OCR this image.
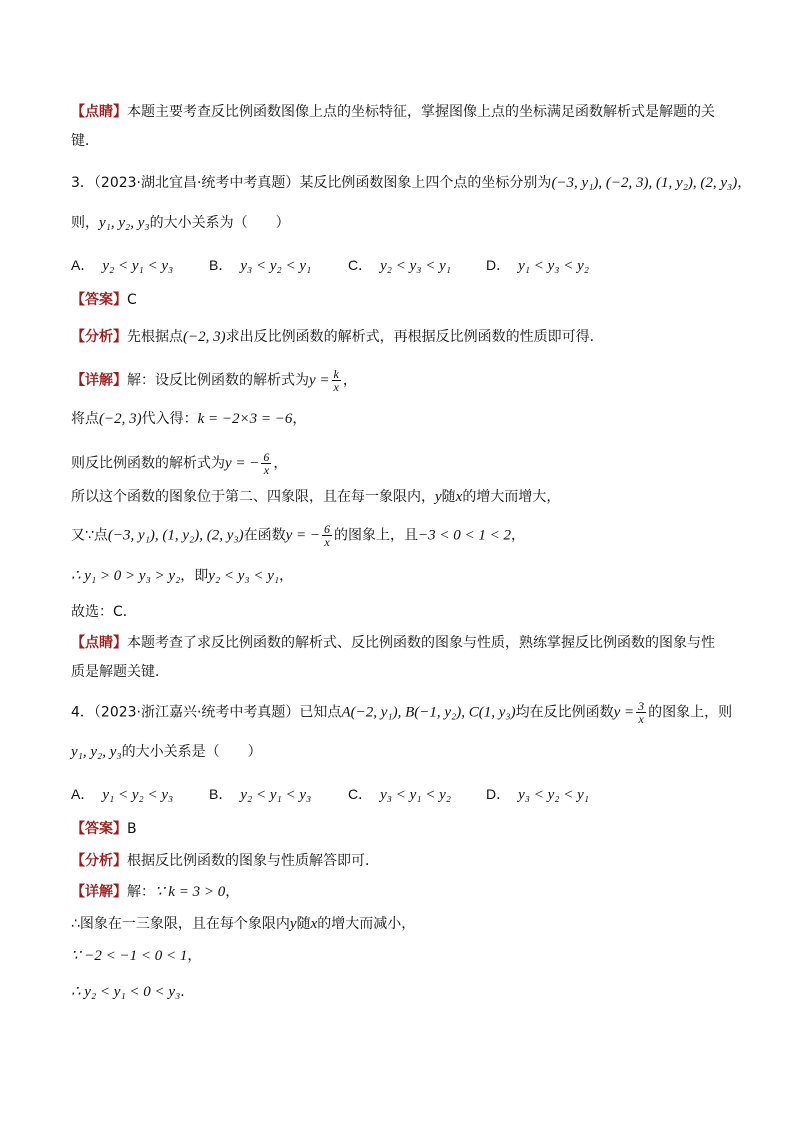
【点睛】本题主要考查反比例函数图像上点的坐标特征，掌握图像上点的坐标满足函数解析式是解题的关
键．
3．（2023·湖北宜昌·统考中考真题）某反比例函数图象上四个点的坐标分别为(−3, y₁), (−2, 3), (1, y₂), (2, y₃)，
则，y₁, y₂, y₃的大小关系为（　　）
A． y₂ < y₁ < y₃	B． y₃ < y₂ < y₁	C． y₂ < y₃ < y₁	D． y₁ < y₃ < y₂
【答案】C
【分析】先根据点(−2, 3)求出反比例函数的解析式，再根据反比例函数的性质即可得．
【详解】解：设反比例函数的解析式为$y = \frac{k}{x}$ ，
将点(−2, 3)代入得：k = −2×3 = −6，
则反比例函数的解析式为y = − $\frac{6}{x}$ ，
所以这个函数的图象位于第二、四象限，且在每一象限内，y随x的增大而增大，
又∵点(−3, y₁), (1, y₂), (2, y₃)在函数y = − $\frac{6}{x}$ 的图象上，且−3 < 0 < 1 < 2，
∴ y₁ > 0 > y₃ > y₂，即y₂ < y₃ < y₁，
故选：C．
【点睛】本题考查了求反比例函数的解析式、反比例函数的图象与性质，熟练掌握反比例函数的图象与性
质是解题关键．
4．（2023·浙江嘉兴·统考中考真题）已知点A(−2, y₁), B(−1, y₂), C(1, y₃)均在反比例函数$y = \frac{3}{x}$ 的图象上，则
y₁, y₂, y₃的大小关系是（　　）
A． y₁ < y₂ < y₃	B． y₂ < y₁ < y₃	C． y₃ < y₁ < y₂	D． y₃ < y₂ < y₁
【答案】B
【分析】根据反比例函数的图象与性质解答即可．
【详解】解：∵ k = 3 > 0，
∴图象在一三象限，且在每个象限内y随x的增大而减小，
∵ −2 < −1 < 0 < 1，
∴ y₂ < y₁ < 0 < y₃．
